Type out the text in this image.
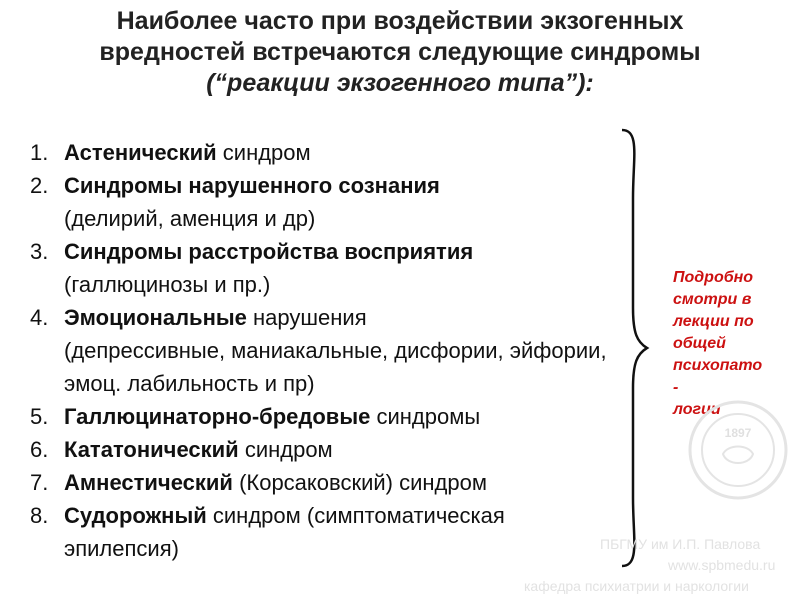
Наиболее часто при воздействии экзогенных
вредностей встречаются следующие синдромы
(“реакции экзогенного типа”):
1 . Астенический синдром
2 . Синдромы нарушенного сознания
(делирий, аменция и др)
3 . Синдромы расстройства восприятия
(галлюцинозы и пр.)
4 . Эмоциональные нарушения
(депрессивные, маниакальные, дисфории, эйфории, эмоц. лабильность и пр)
5 . Галлюцинаторно-бредовые синдромы
6 . Кататонический синдром
7 . Амнестический (Корсаковский) синдром
8 . Судорожный синдром (симптоматическая
эпилепсия)
Подробно
смотри в
лекции по
общей
психопато
-
логии
1897
ПБГМУ им И.П. Павлова
www.spbmedu.ru
кафедра психиатрии и наркологии
